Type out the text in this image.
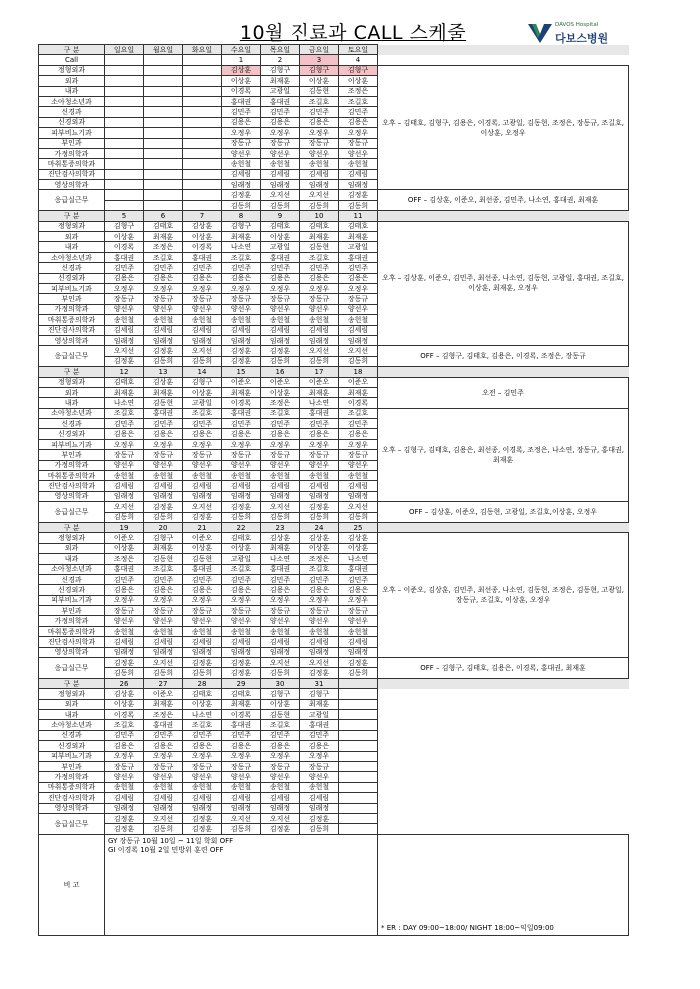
10월 진료과 CALL 스케줄	DAVOS Hospital
다보스병원
구 분	일요일	월요일	화요일	수요일	목요일	금요일	토요일	
Call				1	2	3	4	
정형외과				김상훈	김형구	김형구	김형구	오후 – 김태호, 김형구, 김용은, 이경록, 고광일, 김동현, 조정은, 장동규, 조길호, 이상훈, 오정우
외과				이상훈	최재훈	이상훈	이상훈	
내과				이경록	고광일	김동현	조정은	
소아청소년과				홍대권	홍대권	조길호	조길호	
신경과				김민주	김민주	김민주	김민주	
신경외과				김용은	김용은	김용은	김용은	
피부비뇨기과				오정우	오정우	오정우	오정우	
부인과				장동규	장동규	장동규	장동규	
가정의학과				양선우	양선우	양선우	양선우	
마취통증의학과				송헌철	송헌철	송헌철	송헌철	
진단검사의학과				김세림	김세림	김세림	김세림	
영상의학과				임래정	임래정	임래정	임래정	
응급실근무				김정훈	오지선	오지선	김정훈	OFF – 김상훈, 이준오, 최선종, 김민주, 나소연, 홍대권, 최재훈
				김동희	김동희	김동희	김동희	
구 분	5	6	7	8	9	10	11	
정형외과	김형구	김태호	김상훈	김형구	김태호	김태호	김태호	오후 – 김상훈, 이준오, 김민주, 최선종, 나소연, 김동현, 고광일, 홍대권, 조길호, 이상훈, 최재훈, 오정우
외과	이상훈	최재훈	이상훈	최재훈	이상훈	최재훈	최재훈	
내과	이경록	조정은	이경록	나소연	고광일	김동현	고광일	
소아청소년과	홍대권	조길호	홍대권	조길호	홍대권	조길호	홍대권	
신경과	김민주	김민주	김민주	김민주	김민주	김민주	김민주	
신경외과	김용은	김용은	김용은	김용은	김용은	김용은	김용은	
피부비뇨기과	오정우	오정우	오정우	오정우	오정우	오정우	오정우	
부인과	장동규	장동규	장동규	장동규	장동규	장동규	장동규	
가정의학과	양선우	양선우	양선우	양선우	양선우	양선우	양선우	
마취통증의학과	송헌철	송헌철	송헌철	송헌철	송헌철	송헌철	송헌철	
진단검사의학과	김세림	김세림	김세림	김세림	김세림	김세림	김세림	
영상의학과	임래정	임래정	임래정	임래정	임래정	임래정	임래정	
응급실근무	오지선	김정훈	오지선	김정훈	김정훈	오지선	오지선	OFF – 김형구, 김태호, 김용은, 이경록, 조정은, 장동규
	김정훈	김동희	김동희	김정훈	김동희	김동희	김동희	
구 분	12	13	14	15	16	17	18	
정형외과	김태호	김상훈	김형구	이준오	이준오	이준오	이준오	오전 – 김민주
외과	최재훈	최재훈	이상훈	최재훈	이상훈	최재훈	최재훈	
내과	나소연	김동현	고광일	이경록	조정은	나소연	이경록	
소아청소년과	조길호	홍대권	조길호	홍대권	조길호	홍대권	조길호	오후 – 김형구, 김태호, 김용은, 최선종, 이경록, 조정은, 나소연, 장동규, 홍대권, 최재훈
신경과	김민주	김민주	김민주	김민주	김민주	김민주	김민주	
신경외과	김용은	김용은	김용은	김용은	김용은	김용은	김용은	
피부비뇨기과	오정우	오정우	오정우	오정우	오정우	오정우	오정우	
부인과	장동규	장동규	장동규	장동규	장동규	장동규	장동규	
가정의학과	양선우	양선우	양선우	양선우	양선우	양선우	양선우	
마취통증의학과	송헌철	송헌철	송헌철	송헌철	송헌철	송헌철	송헌철	
진단검사의학과	김세림	김세림	김세림	김세림	김세림	김세림	김세림	
영상의학과	임래정	임래정	임래정	임래정	임래정	임래정	임래정	
응급실근무	오지선	김정훈	오지선	김정훈	오지선	김정훈	오지선	OFF – 김상훈, 이준오, 김동현, 고광일, 조길호,이상훈, 오정우
	김동희	김동희	김정훈	김동희	김동희	김동희	김동희	
구 분	19	20	21	22	23	24	25	
정형외과	이준오	김형구	이준오	김태호	김상훈	김상훈	김상훈	오후 – 이준오, 김상훈, 김민주, 최선종, 나소연, 김동현, 조정은, 김동현, 고광일, 장동규, 조길호, 이상훈, 오정우
외과	이상훈	최재훈	이상훈	이상훈	최재훈	이상훈	이상훈	
내과	조정은	김동현	김동현	고광일	나소연	조정은	나소연	
소아청소년과	홍대권	조길호	홍대권	조길호	홍대권	조길호	홍대권	
신경과	김민주	김민주	김민주	김민주	김민주	김민주	김민주	
신경외과	김용은	김용은	김용은	김용은	김용은	김용은	김용은	
피부비뇨기과	오정우	오정우	오정우	오정우	오정우	오정우	오정우	
부인과	장동규	장동규	장동규	장동규	장동규	장동규	장동규	
가정의학과	양선우	양선우	양선우	양선우	양선우	양선우	양선우	
마취통증의학과	송헌철	송헌철	송헌철	송헌철	송헌철	송헌철	송헌철	
진단검사의학과	김세림	김세림	김세림	김세림	김세림	김세림	김세림	
영상의학과	임래정	임래정	임래정	임래정	임래정	임래정	임래정	
응급실근무	김정훈	오지선	김정훈	김정훈	오지선	오지선	김정훈	OFF – 김형구, 김태호, 김용은, 이경록, 홍대권, 최재훈
	김동희	김동희	김동희	김정훈	김동희	김정훈	김동희	
구 분	26	27	28	29	30	31		
정형외과	김상훈	이준오	김태호	김태호	김형구	김형구		
외과	이상훈	최재훈	이상훈	최재훈	이상훈	최재훈		
내과	이경록	조정은	나소연	이경록	김동현	고광일		
소아청소년과	조길호	홍대권	조길호	홍대권	조길호	홍대권		
신경과	김민주	김민주	김민주	김민주	김민주	김민주		
신경외과	김용은	김용은	김용은	김용은	김용은	김용은		
피부비뇨기과	오정우	오정우	오정우	오정우	오정우	오정우		
부인과	장동규	장동규	장동규	장동규	장동규	장동규		
가정의학과	양선우	양선우	양선우	양선우	양선우	양선우		
마취통증의학과	송헌철	송헌철	송헌철	송헌철	송헌철	송헌철		
진단검사의학과	김세림	김세림	김세림	김세림	김세림	김세림		
영상의학과	임래정	임래정	임래정	임래정	임래정	임래정		
응급실근무	김정훈	오지선	김정훈	오지선	오지선	김정훈		
	김정훈	김동희	김정훈	김동희	김정훈	김동희		
비 고	GY 장동규 10월 10일 ~ 11일 학회 OFF
GI 이경록 10월 2일 민방위 훈련 OFF							* ER : DAY 09:00~18:00/ NIGHT 18:00~익일09:00
